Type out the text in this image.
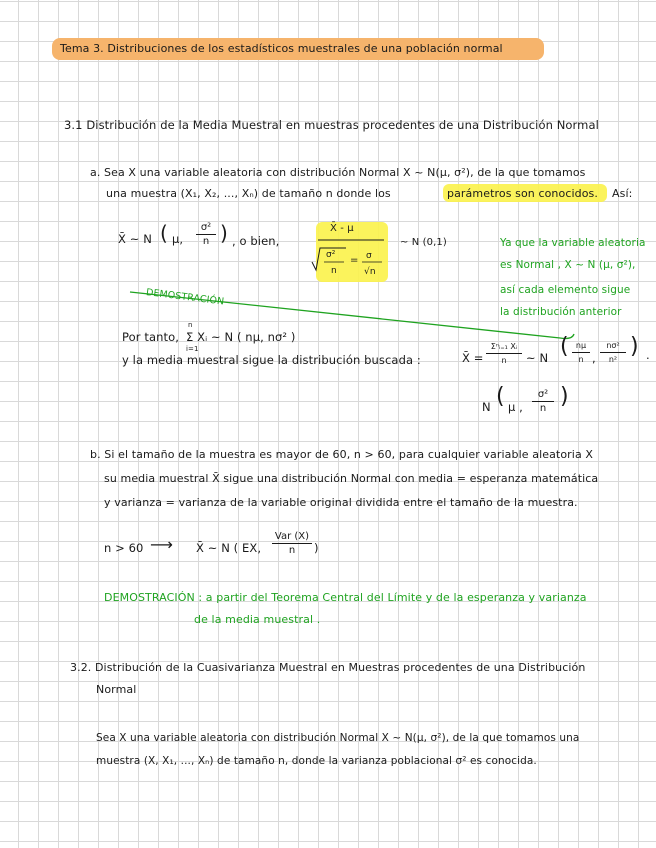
Tema 3. Distribuciones de los estadísticos muestrales de una población normal
3.1 Distribución de la Media Muestral en muestras procedentes de una Distribución Normal
a. Sea X una variable aleatoria con distribución Normal X ~ N(μ, σ²), de la que tomamos
una muestra (X₁, X₂, ..., Xₙ) de tamaño n donde los	parámetros son conocidos. Así:
X̄ ~ N ( μ,
σ²
n ) , o bien,
X̄ - μ
σ²
n
= σ
√n
~ N (0,1)	Ya que la variable aleatoria
es Normal , X ~ N (μ, σ²),
así cada elemento sigue
la distribución anterior
DEMOSTRACIÓN
Por tanto,
n
i=1
Σ Xᵢ ~ N ( nμ, nσ² )
y la media muestral sigue la distribución buscada :	X̄ =
Σⁿᵢ₌₁ Xᵢ
n ~ N ( nμ
n ,
nσ²
n²
) .
N ( μ ,
σ²
n )
b. Si el tamaño de la muestra es mayor de 60, n > 60, para cualquier variable aleatoria X
su media muestral X̄ sigue una distribución Normal con media = esperanza matemática
y varianza = varianza de la variable original dividida entre el tamaño de la muestra.
n > 60 ⟶ X̄ ~ N ( EX,
Var (X)
n )
DEMOSTRACIÓN : a partir del Teorema Central del Límite y de la esperanza y varianza
de la media muestral .
3.2. Distribución de la Cuasivarianza Muestral en Muestras procedentes de una Distribución
Normal
Sea X una variable aleatoria con distribución Normal X ~ N(μ, σ²), de la que tomamos una
muestra (X, X₁, ..., Xₙ) de tamaño n, donde la varianza poblacional σ² es conocida.
